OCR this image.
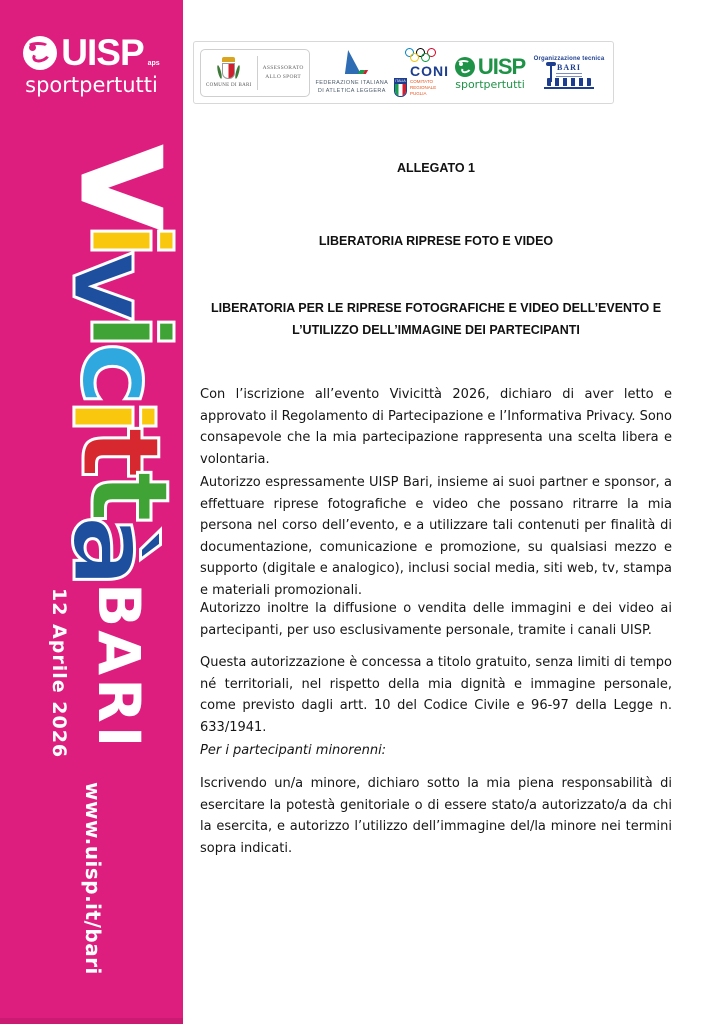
UISP aps
sportpertutti
V
i
v
i
c
i
t
t
à
12 Aprile 2026 BARI
www.uisp.it/bari
COMUNE DI BARI
ASSESSORATO
ALLO SPORT
FEDERAZIONE ITALIANA
DI ATLETICA LEGGERA
ITALIA
CONI
COMITATO
REGIONALE
PUGLIA
UISP
sportpertutti
Organizzazione tecnica
BARI
ALLEGATO 1
LIBERATORIA RIPRESE FOTO E VIDEO
LIBERATORIA PER LE RIPRESE FOTOGRAFICHE E VIDEO DELL’EVENTO E L’UTILIZZO DELL’IMMAGINE DEI PARTECIPANTI

Con l’iscrizione all’evento Vivicittà 2026, dichiaro di aver letto e approvato il Regolamento di Partecipazione e l’Informativa Privacy. Sono consapevole che la mia partecipazione rappresenta una scelta libera e volontaria.

Autorizzo espressamente UISP Bari, insieme ai suoi partner e sponsor, a effettuare riprese fotografiche e video che possano ritrarre la mia persona nel corso dell’evento, e a utilizzare tali contenuti per finalità di documentazione, comunicazione e promozione, su qualsiasi mezzo e supporto (digitale e analogico), inclusi social media, siti web, tv, stampa e materiali promozionali.

Autorizzo inoltre la diffusione o vendita delle immagini e dei video ai partecipanti, per uso esclusivamente personale, tramite i canali UISP.

Questa autorizzazione è concessa a titolo gratuito, senza limiti di tempo né territoriali, nel rispetto della mia dignità e immagine personale, come previsto dagli artt. 10 del Codice Civile e 96-97 della Legge n. 633/1941.

Per i partecipanti minorenni:

Iscrivendo un/a minore, dichiaro sotto la mia piena responsabilità di esercitare la potestà genitoriale o di essere stato/a autorizzato/a da chi la esercita, e autorizzo l’utilizzo dell’immagine del/la minore nei termini sopra indicati.
